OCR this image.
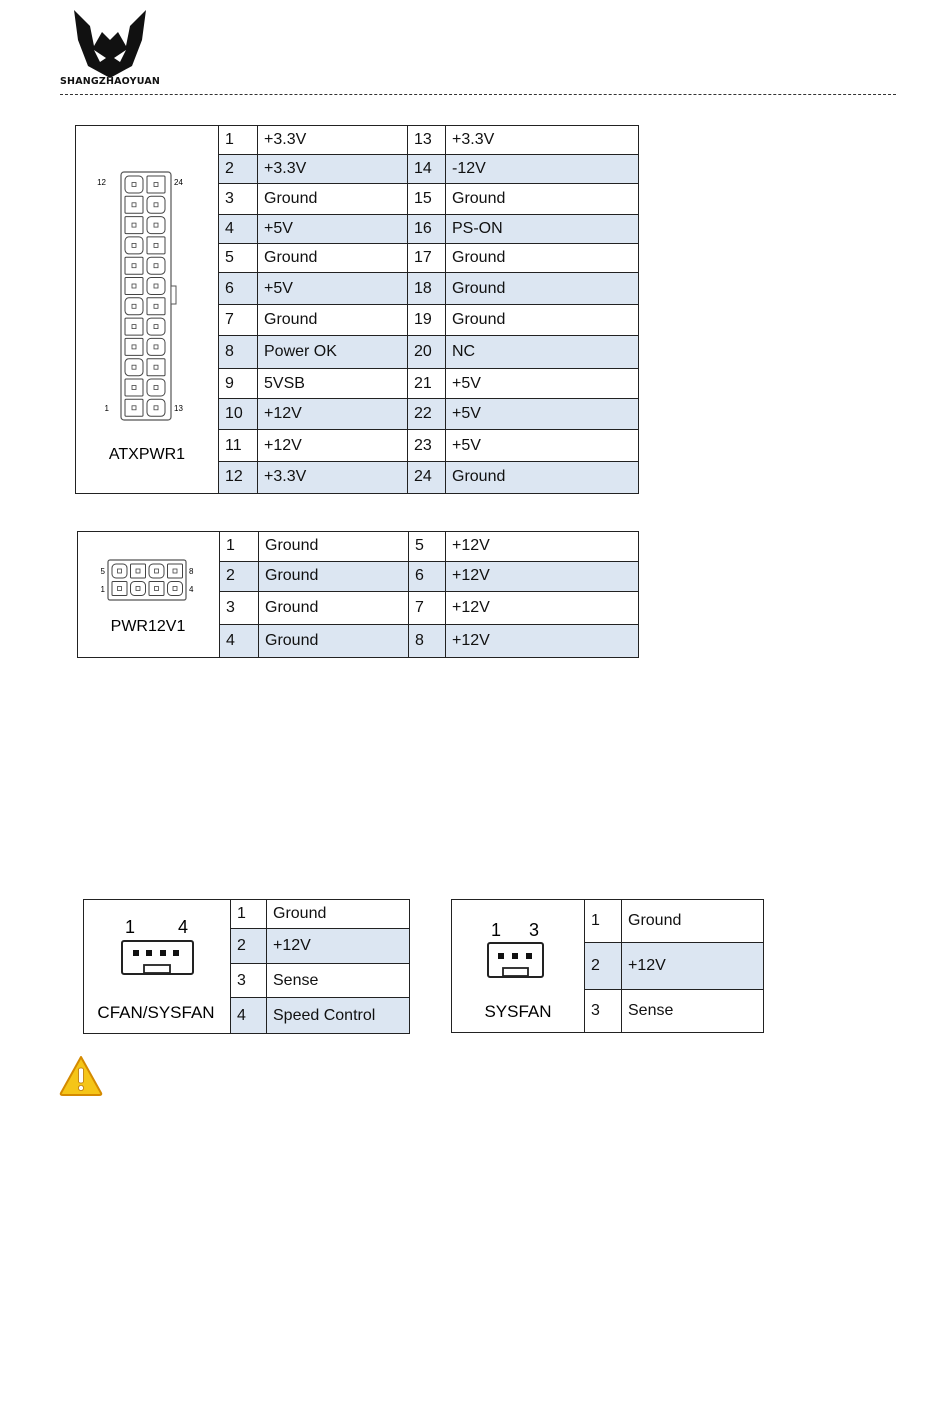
SHANGZHAOYUAN
12 24
1 13
ATXPWR1	1	+3.3V	13	+3.3V
	2	+3.3V	14	-12V
	3	Ground	15	Ground
	4	+5V	16	PS-ON
	5	Ground	17	Ground
	6	+5V	18	Ground
	7	Ground	19	Ground
	8	Power OK	20	NC
	9	5VSB	21	+5V
	10	+12V	22	+5V
	11	+12V	23	+5V
	12	+3.3V	24	Ground
5 8
1 4
PWR12V1	1	Ground	5	+12V
	2	Ground	6	+12V
	3	Ground	7	+12V
	4	Ground	8	+12V
1 4
CFAN/SYSFAN	1	Ground
	2	+12V
	3	Sense
	4	Speed Control
1 3
SYSFAN	1	Ground
	2	+12V
	3	Sense
